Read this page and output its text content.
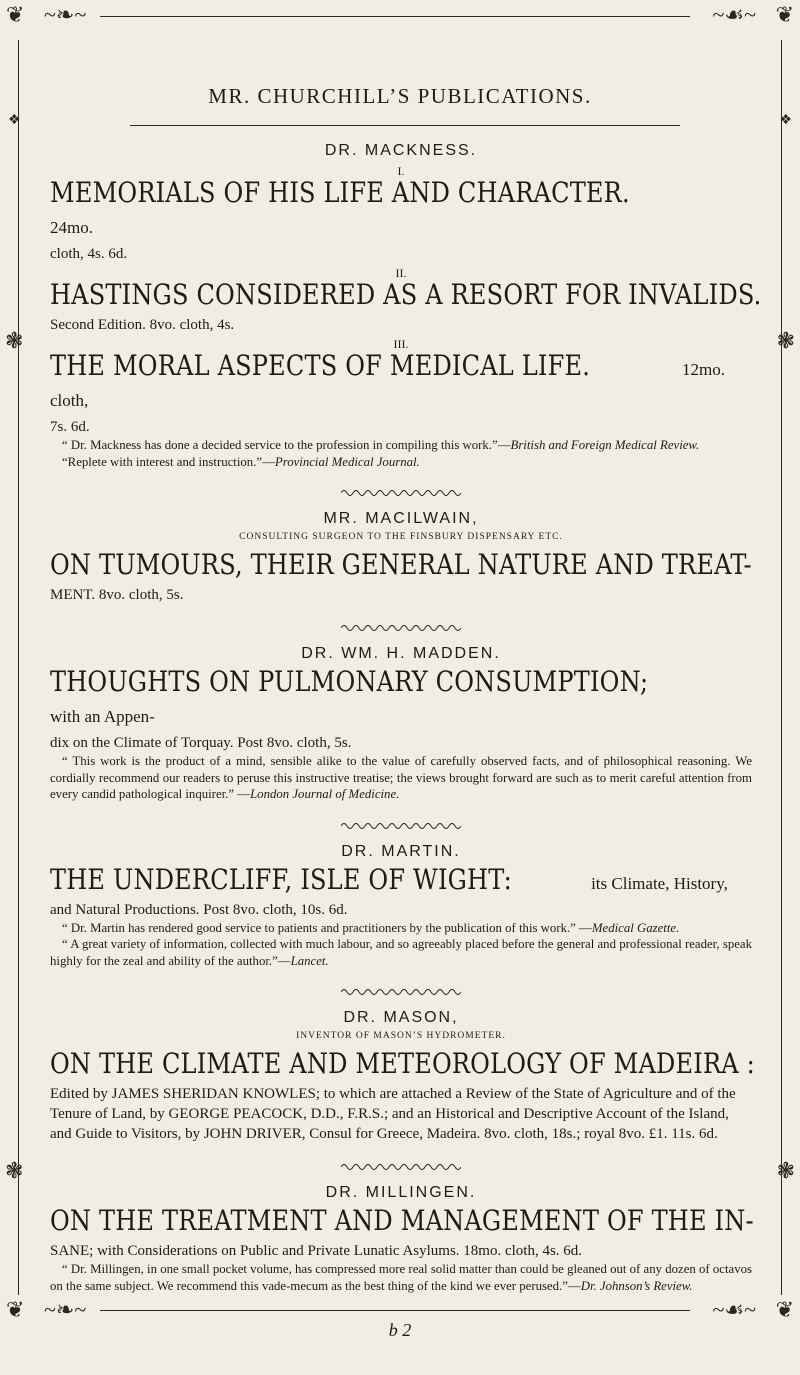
❦ ~❧~	❦
~☙~
❦ ~❧~	❦
~☙~
❖	❖
❃	❃
❃	❃
MR. CHURCHILL’S PUBLICATIONS.
DR. MACKNESS.
I.

MEMORIALS OF HIS LIFE AND CHARACTER. 24mo.

cloth, 4s. 6d.

II.

HASTINGS CONSIDERED AS A RESORT FOR INVALIDS.

Second Edition. 8vo. cloth, 4s.

III.

THE MORAL ASPECTS OF MEDICAL LIFE.	12mo. cloth,

7s. 6d.

“ Dr. Mackness has done a decided service to the profession in compiling this work.”—British and Foreign Medical Review.

“Replete with interest and instruction.”—Provincial Medical Journal.

MR. MACILWAIN,
CONSULTING SURGEON TO THE FINSBURY DISPENSARY ETC.

ON TUMOURS, THEIR GENERAL NATURE AND TREAT-

MENT. 8vo. cloth, 5s.

DR. WM. H. MADDEN.

THOUGHTS ON PULMONARY CONSUMPTION; with an Appen-

dix on the Climate of Torquay. Post 8vo. cloth, 5s.

“ This work is the product of a mind, sensible alike to the value of carefully observed facts, and of philosophical reasoning. We cordially recommend our readers to peruse this instructive treatise; the views brought forward are such as to merit careful attention from every candid pathological inquirer.” —London Journal of Medicine.

DR. MARTIN.

THE UNDERCLIFF, ISLE OF WIGHT:	its Climate, History,

and Natural Productions. Post 8vo. cloth, 10s. 6d.

“ Dr. Martin has rendered good service to patients and practitioners by the publication of this work.” —Medical Gazette.

“ A great variety of information, collected with much labour, and so agreeably placed before the general and professional reader, speak highly for the zeal and ability of the author.”—Lancet.

DR. MASON,
INVENTOR OF MASON’S HYDROMETER.

ON THE CLIMATE AND METEOROLOGY OF MADEIRA :

Edited by JAMES SHERIDAN KNOWLES; to which are attached a Review of the State of Agriculture and of the Tenure of Land, by GEORGE PEACOCK, D.D., F.R.S.; and an Historical and Descriptive Account of the Island, and Guide to Visitors, by JOHN DRIVER, Consul for Greece, Madeira. 8vo. cloth, 18s.; royal 8vo. £1. 11s. 6d.

DR. MILLINGEN.

ON THE TREATMENT AND MANAGEMENT OF THE IN-

SANE; with Considerations on Public and Private Lunatic Asylums. 18mo. cloth, 4s. 6d.

“ Dr. Millingen, in one small pocket volume, has compressed more real solid matter than could be gleaned out of any dozen of octavos on the same subject. We recommend this vade-mecum as the best thing of the kind we ever perused.”—Dr. Johnson’s Review.

b 2
